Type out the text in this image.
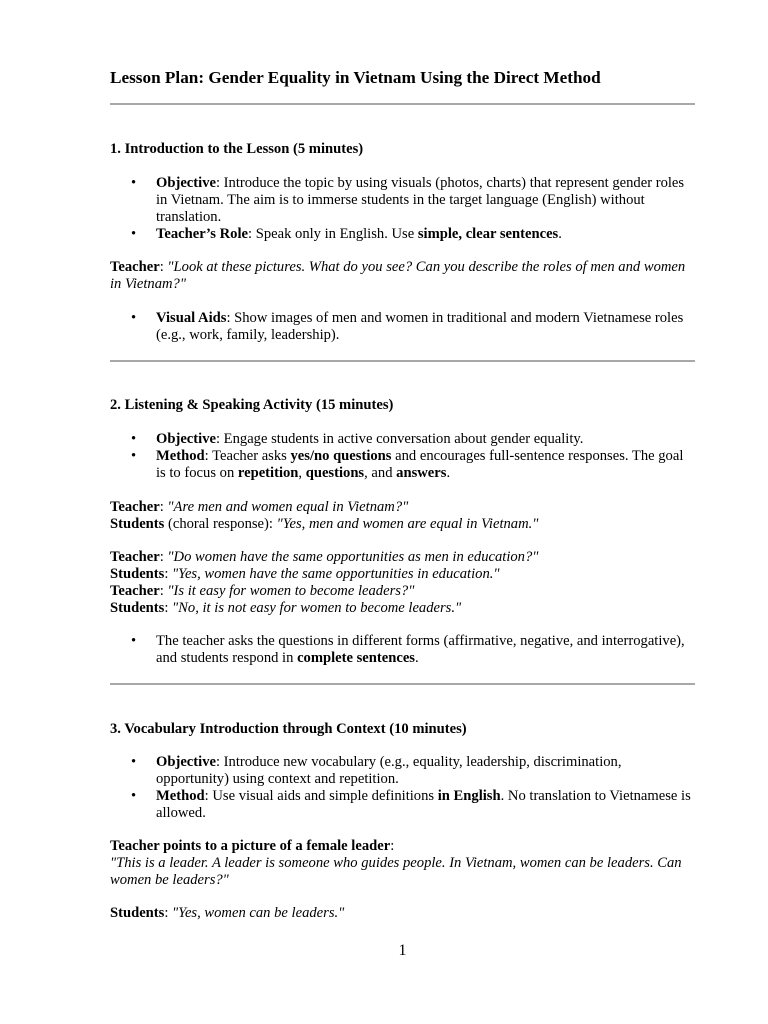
Lesson Plan: Gender Equality in Vietnam Using the Direct Method
1. Introduction to the Lesson (5 minutes)
• Objective: Introduce the topic by using visuals (photos, charts) that represent gender roles in Vietnam. The aim is to immerse students in the target language (English) without translation.
• Teacher’s Role: Speak only in English. Use simple, clear sentences.

Teacher: "Look at these pictures. What do you see? Can you describe the roles of men and women in Vietnam?"

• Visual Aids: Show images of men and women in traditional and modern Vietnamese roles (e.g., work, family, leadership).
2. Listening & Speaking Activity (15 minutes)
• Objective: Engage students in active conversation about gender equality.
• Method: Teacher asks yes/no questions and encourages full-sentence responses. The goal is to focus on repetition, questions, and answers.

Teacher: "Are men and women equal in Vietnam?"

Students (choral response): "Yes, men and women are equal in Vietnam."

Teacher: "Do women have the same opportunities as men in education?"

Students: "Yes, women have the same opportunities in education."

Teacher: "Is it easy for women to become leaders?"

Students: "No, it is not easy for women to become leaders."

• The teacher asks the questions in different forms (affirmative, negative, and interrogative), and students respond in complete sentences.
3. Vocabulary Introduction through Context (10 minutes)
• Objective: Introduce new vocabulary (e.g., equality, leadership, discrimination, opportunity) using context and repetition.
• Method: Use visual aids and simple definitions in English. No translation to Vietnamese is allowed.

Teacher points to a picture of a female leader:

"This is a leader. A leader is someone who guides people. In Vietnam, women can be leaders. Can women be leaders?"

Students: "Yes, women can be leaders."

1
